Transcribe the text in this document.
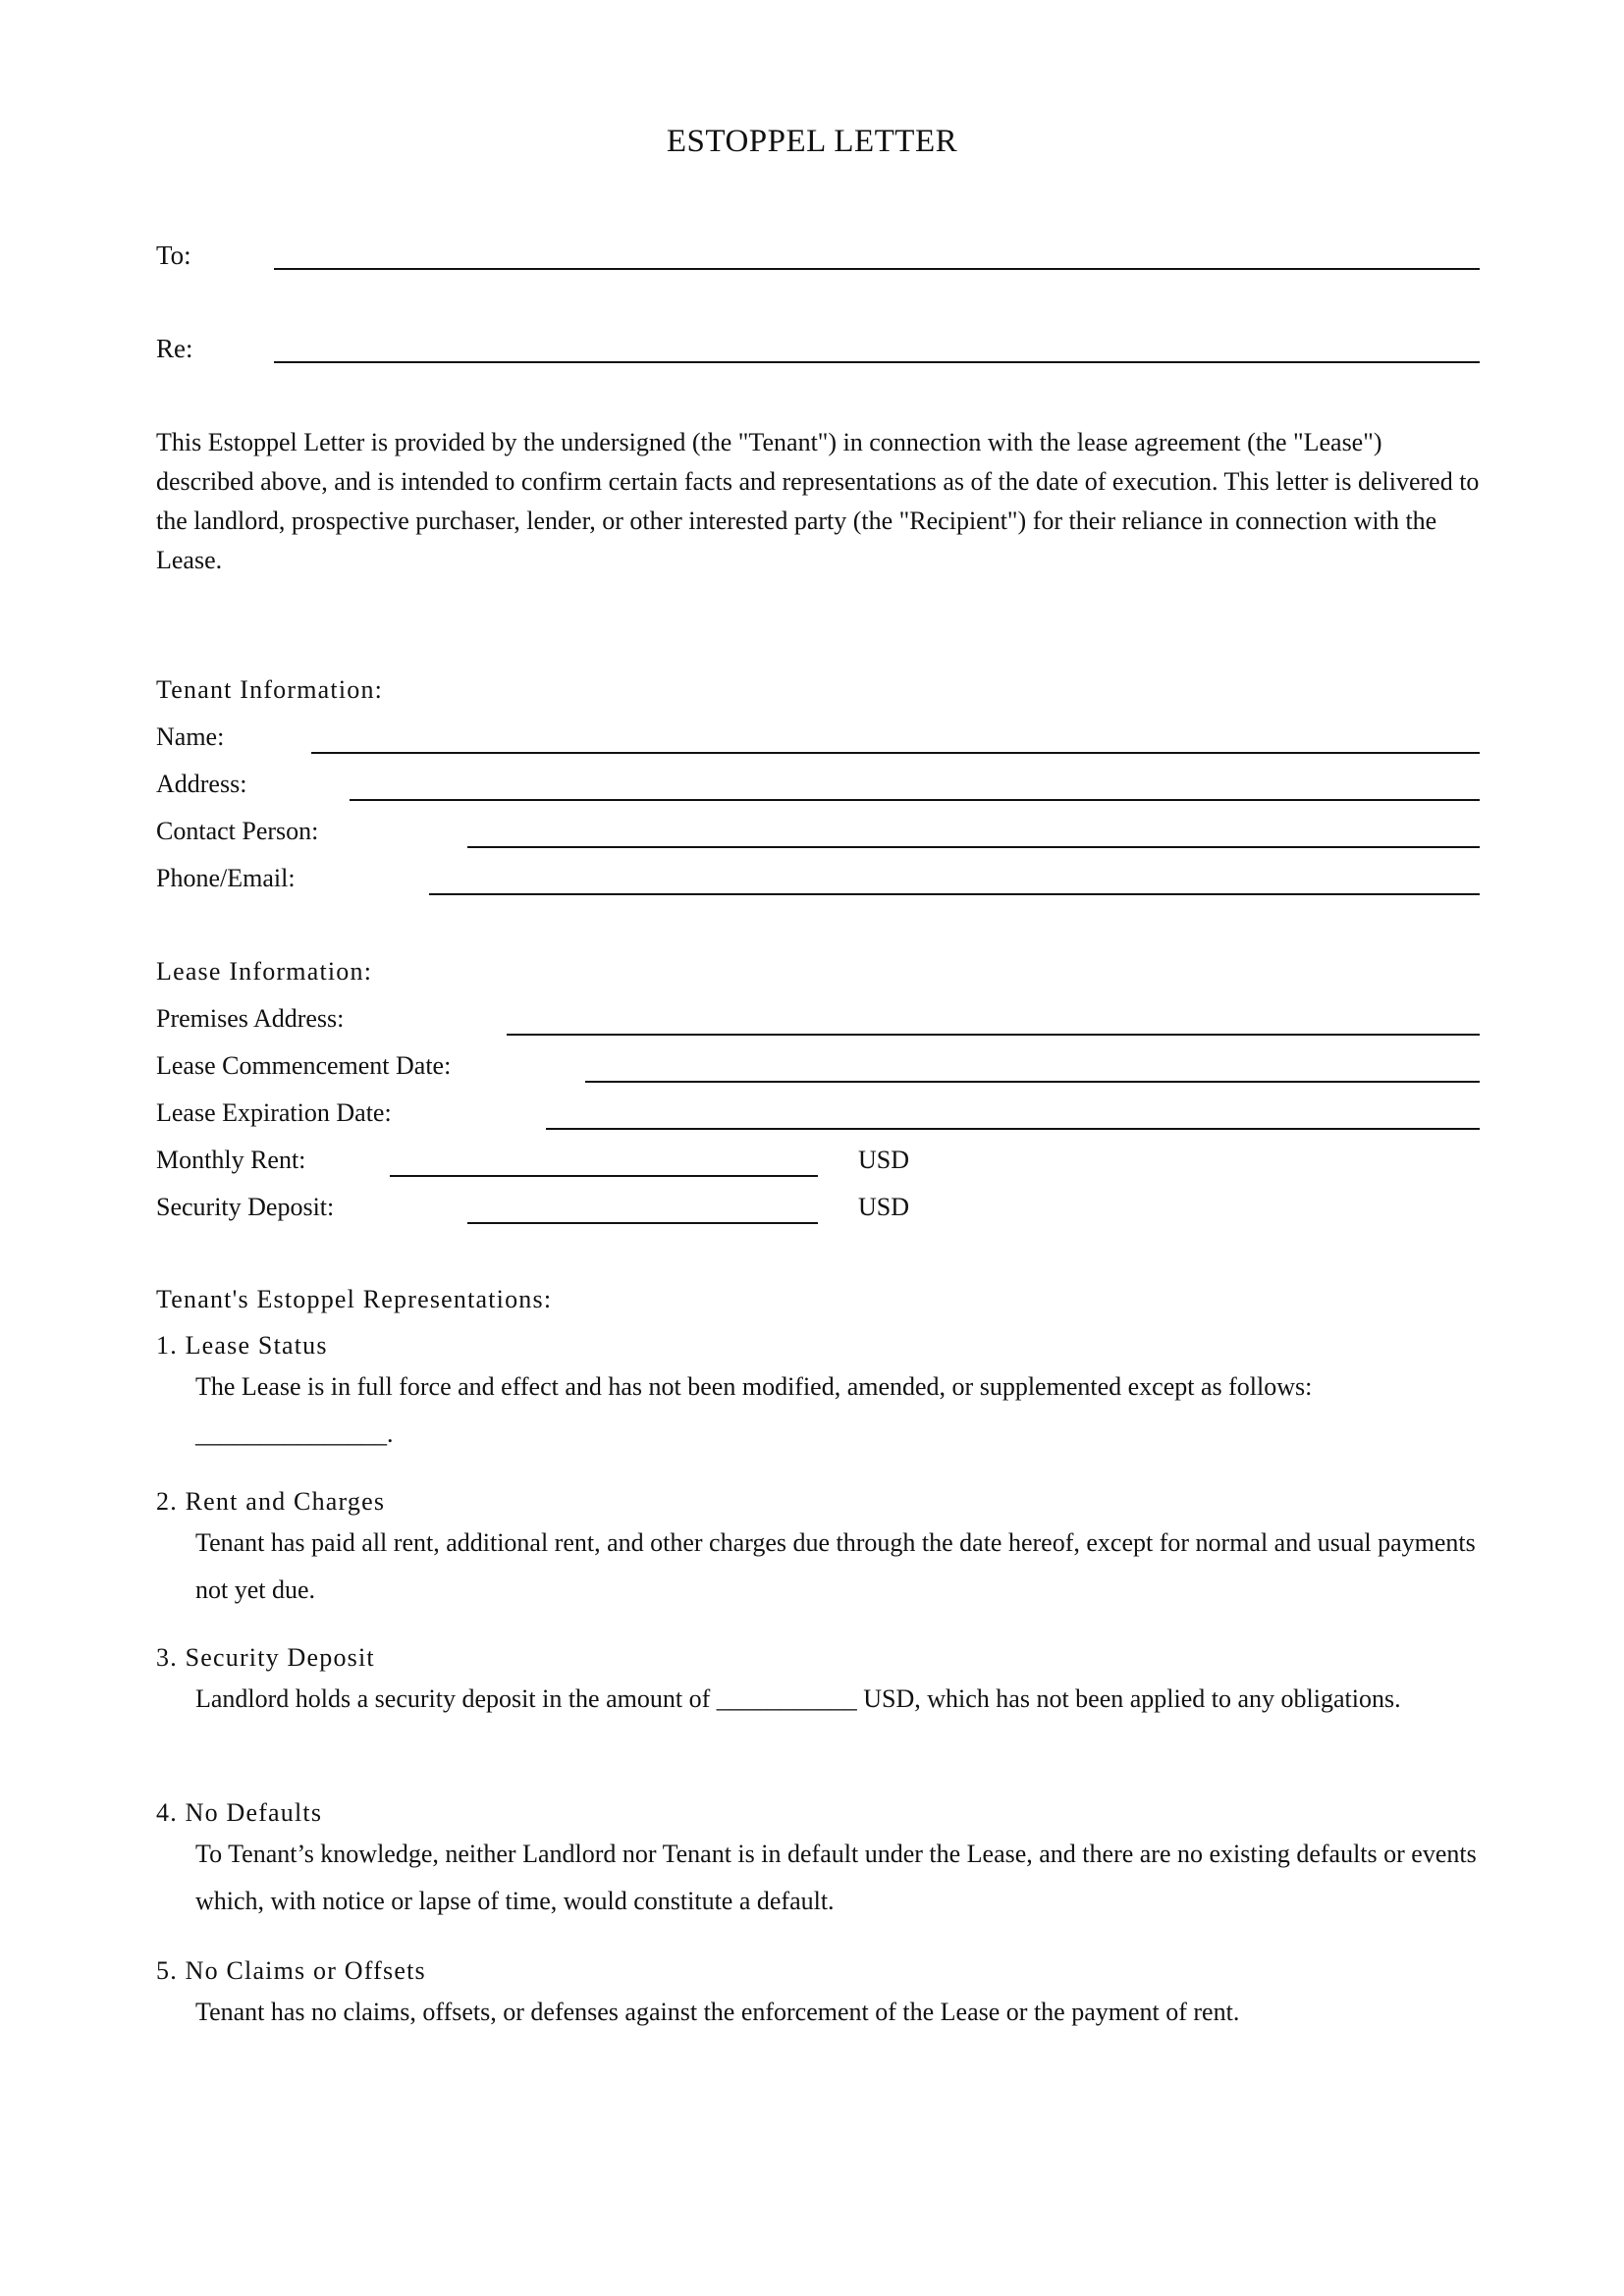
ESTOPPEL LETTER
To:
Re:
This Estoppel Letter is provided by the undersigned (the "Tenant") in connection with the lease agreement (the "Lease") described above, and is intended to confirm certain facts and representations as of the date of execution. This letter is delivered to the landlord, prospective purchaser, lender, or other interested party (the "Recipient") for their reliance in connection with the Lease.
Tenant Information:
Name:
Address:
Contact Person:
Phone/Email:
Lease Information:
Premises Address:
Lease Commencement Date:
Lease Expiration Date:
Monthly Rent:	USD
Security Deposit:	USD
Tenant's Estoppel Representations:
1. Lease Status
The Lease is in full force and effect and has not been modified, amended, or supplemented except as follows: _______________.
2. Rent and Charges
Tenant has paid all rent, additional rent, and other charges due through the date hereof, except for normal and usual payments not yet due.
3. Security Deposit
Landlord holds a security deposit in the amount of ___________ USD, which has not been applied to any obligations.
4. No Defaults
To Tenant’s knowledge, neither Landlord nor Tenant is in default under the Lease, and there are no existing defaults or events which, with notice or lapse of time, would constitute a default.
5. No Claims or Offsets
Tenant has no claims, offsets, or defenses against the enforcement of the Lease or the payment of rent.
